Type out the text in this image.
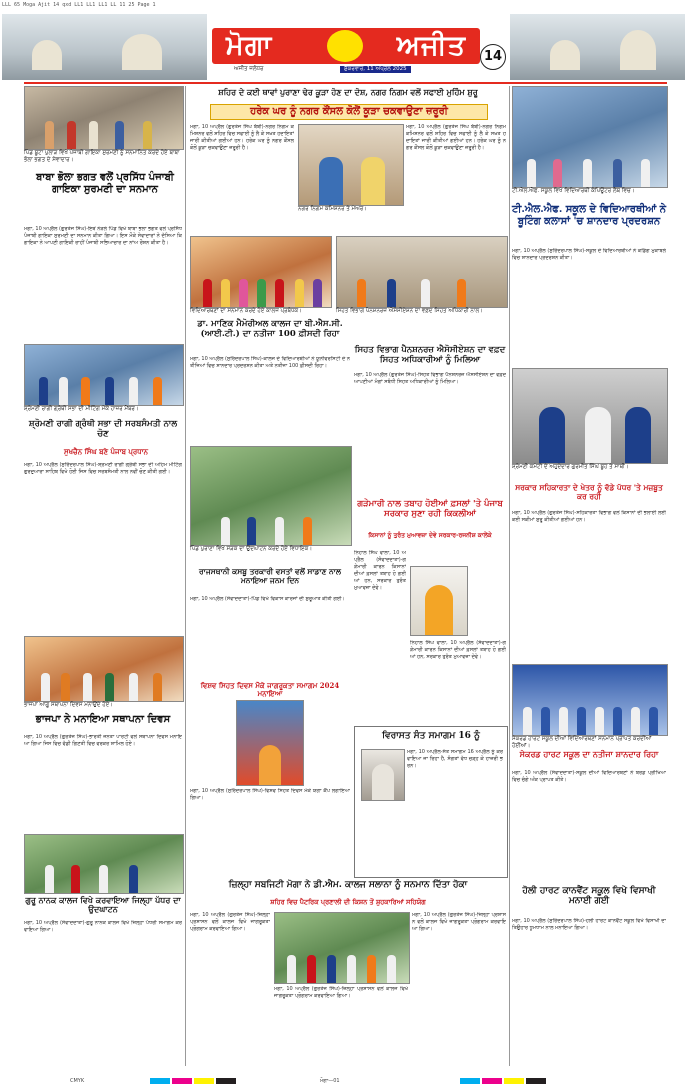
LLL 65 Moga Ajit 14 qxd LL1 LL1 LL1 LL 11 25 Page 1
ਮੋਗਾ	ਅਜੀਤ
ਅਜੀਤ ਜਲੰਧਰ	ਸ਼ੁੱਕਰਵਾਰ, 11 ਅਪ੍ਰੈਲ 2025
14
ਪਿੰਡ ਬੂਟਾ ਪੁਲਾੜ ਵਿਖੇ ਪੰਜਾਬੀ ਗਾਇਕਾ ਸੁਰਮਣੀ ਨੂੰ ਸਨਮਾਨਿਤ ਕਰਦੇ ਹੋਏ ਬਾਬਾ ਭੋਲਾ ਭਗਤ ਦੇ ਸੇਵਾਦਾਰ।
ਬਾਬਾ ਭੋਲਾ ਭਗਤ ਵਲੋਂ ਪ੍ਰਸਿੱਧ ਪੰਜਾਬੀ ਗਾਇਕਾ ਸੁਰਮਣੀ ਦਾ ਸਨਮਾਨ
ਮੋਗਾ, 10 ਅਪ੍ਰੈਲ (ਗੁਰਤੇਜ ਸਿੰਘ)-ਇਥੋਂ ਨੇੜਲੇ ਪਿੰਡ ਵਿਖੇ ਬਾਬਾ ਭੋਲਾ ਭਗਤ ਵਲੋਂ ਪ੍ਰਸਿੱਧ ਪੰਜਾਬੀ ਗਾਇਕਾ ਸੁਰਮਣੀ ਦਾ ਸਨਮਾਨ ਕੀਤਾ ਗਿਆ। ਇਸ ਮੌਕੇ ਸੇਵਾਦਾਰਾਂ ਨੇ ਦੱਸਿਆ ਕਿ ਗਾਇਕਾ ਨੇ ਆਪਣੀ ਗਾਇਕੀ ਰਾਹੀਂ ਪੰਜਾਬੀ ਸਭਿਆਚਾਰ ਦਾ ਨਾਂਅ ਰੌਸ਼ਨ ਕੀਤਾ ਹੈ।
ਸ਼੍ਰੋਮਣੀ ਰਾਗੀ ਗ੍ਰੰਥੀ ਸਭਾ ਦੀ ਮੀਟਿੰਗ ਮੌਕੇ ਹਾਜ਼ਰ ਮੈਂਬਰ।
ਸ਼੍ਰੋਮਣੀ ਰਾਗੀ ਗ੍ਰੰਥੀ ਸਭਾ ਦੀ ਸਰਬਸੰਮਤੀ ਨਾਲ ਚੋਣ
ਸੁਖਚੈਨ ਸਿੰਘ ਬਣੇ ਪੰਜਾਬ ਪ੍ਰਧਾਨ
ਮੋਗਾ, 10 ਅਪ੍ਰੈਲ (ਸੁਰਿੰਦਰਪਾਲ ਸਿੰਘ)-ਸ਼੍ਰੋਮਣੀ ਰਾਗੀ ਗ੍ਰੰਥੀ ਸਭਾ ਦੀ ਅਹਿਮ ਮੀਟਿੰਗ ਗੁਰਦੁਆਰਾ ਸਾਹਿਬ ਵਿਖੇ ਹੋਈ ਜਿਸ ਵਿਚ ਸਰਬਸੰਮਤੀ ਨਾਲ ਨਵੀਂ ਚੋਣ ਕੀਤੀ ਗਈ।
ਭਾਜਪਾ ਆਗੂ ਸਥਾਪਨਾ ਦਿਵਸ ਮਨਾਉਂਦੇ ਹੋਏ।
ਭਾਜਪਾ ਨੇ ਮਨਾਇਆ ਸਥਾਪਨਾ ਦਿਵਸ
ਮੋਗਾ, 10 ਅਪ੍ਰੈਲ (ਗੁਰਤੇਜ ਸਿੰਘ)-ਭਾਰਤੀ ਜਨਤਾ ਪਾਰਟੀ ਵਲੋਂ ਸਥਾਪਨਾ ਦਿਵਸ ਮਨਾਇਆ ਗਿਆ ਜਿਸ ਵਿਚ ਵੱਡੀ ਗਿਣਤੀ ਵਿਚ ਵਰਕਰ ਸ਼ਾਮਿਲ ਹੋਏ।
ਗੁਰੂ ਨਾਨਕ ਕਾਲਜ ਵਿਖੇ ਕਰਵਾਇਆ ਜਿਲ੍ਹਾ ਪੱਧਰ ਦਾ ਉਦਘਾਟਨ
ਮੋਗਾ, 10 ਅਪ੍ਰੈਲ (ਸੰਵਾਦਦਾਤਾ)-ਗੁਰੂ ਨਾਨਕ ਕਾਲਜ ਵਿਖੇ ਜ਼ਿਲ੍ਹਾ ਪੱਧਰੀ ਸਮਾਗਮ ਕਰਵਾਇਆ ਗਿਆ।
ਸ਼ਹਿਰ ਦੇ ਕਈ ਥਾਵਾਂ ਪੁਰਾਣਾ ਢੇਰ ਕੂੜਾ ਹੋਣ ਦਾ ਦੋਸ਼, ਨਗਰ ਨਿਗਮ ਵਲੋਂ ਸਫਾਈ ਮੁਹਿੰਮ ਸ਼ੁਰੂ
ਹਰੇਕ ਘਰ ਨੂੰ ਨਗਰ ਕੌਂਸਲ ਕੋਲੋਂ ਕੂੜਾ ਚਕਵਾਉਣਾ ਜ਼ਰੂਰੀ
ਮੋਗਾ, 10 ਅਪ੍ਰੈਲ (ਗੁਰਤੇਜ ਸਿੰਘ ਬੱਬੀ)-ਨਗਰ ਨਿਗਮ ਕਮਿਸ਼ਨਰ ਵਲੋਂ ਸ਼ਹਿਰ ਵਿਚ ਸਫਾਈ ਨੂੰ ਲੈ ਕੇ ਸਖ਼ਤ ਹਦਾਇਤਾਂ ਜਾਰੀ ਕੀਤੀਆਂ ਗਈਆਂ ਹਨ। ਹਰੇਕ ਘਰ ਨੂੰ ਨਗਰ ਕੌਂਸਲ ਕੋਲੋਂ ਕੂੜਾ ਚਕਵਾਉਣਾ ਜ਼ਰੂਰੀ ਹੈ।
ਨਗਰ ਨਿਗਮ ਕਮਿਸ਼ਨਰ ਤੇ ਮੇਅਰ।
ਮੋਗਾ, 10 ਅਪ੍ਰੈਲ (ਗੁਰਤੇਜ ਸਿੰਘ ਬੱਬੀ)-ਨਗਰ ਨਿਗਮ ਕਮਿਸ਼ਨਰ ਵਲੋਂ ਸ਼ਹਿਰ ਵਿਚ ਸਫਾਈ ਨੂੰ ਲੈ ਕੇ ਸਖ਼ਤ ਹਦਾਇਤਾਂ ਜਾਰੀ ਕੀਤੀਆਂ ਗਈਆਂ ਹਨ। ਹਰੇਕ ਘਰ ਨੂੰ ਨਗਰ ਕੌਂਸਲ ਕੋਲੋਂ ਕੂੜਾ ਚਕਵਾਉਣਾ ਜ਼ਰੂਰੀ ਹੈ।
ਵਿਦਿਆਰਥਣਾਂ ਦਾ ਸਨਮਾਨ ਕਰਦੇ ਹੋਏ ਕਾਲਜ ਪ੍ਰਬੰਧਕ।	ਸਿਹਤ ਵਿਭਾਗ ਪੈਨਸ਼ਨਰਜ਼ ਐਸੋਸੀਏਸ਼ਨ ਦਾ ਵਫ਼ਦ ਸਿਹਤ ਅਧਿਕਾਰੀ ਨਾਲ।
ਡਾ. ਮਾਣਿਕ ਮੈਮੋਰੀਅਲ ਕਾਲਜ ਦਾ ਬੀ.ਐਸ.ਸੀ. (ਆਈ.ਟੀ.) ਦਾ ਨਤੀਜਾ 100 ਫ਼ੀਸਦੀ ਰਿਹਾ
ਮੋਗਾ, 10 ਅਪ੍ਰੈਲ (ਸੁਰਿੰਦਰਪਾਲ ਸਿੰਘ)-ਕਾਲਜ ਦੇ ਵਿਦਿਆਰਥੀਆਂ ਨੇ ਯੂਨੀਵਰਸਿਟੀ ਦੇ ਨਤੀਜਿਆਂ ਵਿਚ ਸ਼ਾਨਦਾਰ ਪ੍ਰਦਰਸ਼ਨ ਕੀਤਾ ਅਤੇ ਨਤੀਜਾ 100 ਫ਼ੀਸਦੀ ਰਿਹਾ।
ਸਿਹਤ ਵਿਭਾਗ ਪੈਨਸ਼ਨਰਜ਼ ਐਸੋਸੀਏਸ਼ਨ ਦਾ ਵਫ਼ਦ ਸਿਹਤ ਅਧਿਕਾਰੀਆਂ ਨੂੰ ਮਿਲਿਆ
ਮੋਗਾ, 10 ਅਪ੍ਰੈਲ (ਗੁਰਤੇਜ ਸਿੰਘ)-ਸਿਹਤ ਵਿਭਾਗ ਪੈਨਸ਼ਨਰਜ਼ ਐਸੋਸੀਏਸ਼ਨ ਦਾ ਵਫ਼ਦ ਆਪਣੀਆਂ ਮੰਗਾਂ ਸਬੰਧੀ ਸਿਹਤ ਅਧਿਕਾਰੀਆਂ ਨੂੰ ਮਿਲਿਆ।
ਪਿੰਡ ਪੁਰਾਣਾ ਵਿਖੇ ਸੜਕ ਦਾ ਉਦਘਾਟਨ ਕਰਦੇ ਹੋਏ ਵਿਧਾਇਕ।
ਰਾਜਸਥਾਨੀ ਕਸਬੂ ਤਰਕਾਰੀ ਵਸਤਾਂ ਵਲੋਂ ਸਾਡਾਣ ਨਾਲ ਮਨਾਇਆ ਜਨਮ ਦਿਨ
ਮੋਗਾ, 10 ਅਪ੍ਰੈਲ (ਸੰਵਾਦਦਾਤਾ)-ਪਿੰਡ ਵਿਖੇ ਵਿਕਾਸ ਕਾਰਜਾਂ ਦੀ ਸ਼ੁਰੂਆਤ ਕੀਤੀ ਗਈ।
ਵਿਸ਼ਵ ਸਿਹਤ ਦਿਵਸ ਮੌਕੇ ਜਾਗਰੂਕਤਾ ਸਮਾਗਮ 2024 ਮਨਾਇਆ
ਮੋਗਾ, 10 ਅਪ੍ਰੈਲ (ਸੁਰਿੰਦਰਪਾਲ ਸਿੰਘ)-ਵਿਸ਼ਵ ਸਿਹਤ ਦਿਵਸ ਮੌਕੇ ਯੋਗਾ ਕੈਂਪ ਲਗਾਇਆ ਗਿਆ।
ਗੜੇਮਾਰੀ ਨਾਲ ਤਬਾਹ ਹੋਈਆਂ ਫ਼ਸਲਾਂ 'ਤੇ ਪੰਜਾਬ ਸਰਕਾਰ ਸੁਣਾ ਰਹੀ ਕਿਕਲੀਆਂ
ਕਿਸਾਨਾਂ ਨੂੰ ਤੁਰੰਤ ਮੁਆਵਜ਼ਾ ਦੇਵੇ ਸਰਕਾਰ-ਰਜਨੀਸ਼ ਕਾਲੇਕੇ
ਨਿਹਾਲ ਸਿੰਘ ਵਾਲਾ, 10 ਅਪ੍ਰੈਲ (ਸੰਵਾਦਦਾਤਾ)-ਗੜੇਮਾਰੀ ਕਾਰਨ ਕਿਸਾਨਾਂ ਦੀਆਂ ਫ਼ਸਲਾਂ ਤਬਾਹ ਹੋ ਗਈਆਂ ਹਨ, ਸਰਕਾਰ ਤੁਰੰਤ ਮੁਆਵਜ਼ਾ ਦੇਵੇ।
ਨਿਹਾਲ ਸਿੰਘ ਵਾਲਾ, 10 ਅਪ੍ਰੈਲ (ਸੰਵਾਦਦਾਤਾ)-ਗੜੇਮਾਰੀ ਕਾਰਨ ਕਿਸਾਨਾਂ ਦੀਆਂ ਫ਼ਸਲਾਂ ਤਬਾਹ ਹੋ ਗਈਆਂ ਹਨ, ਸਰਕਾਰ ਤੁਰੰਤ ਮੁਆਵਜ਼ਾ ਦੇਵੇ।
ਵਿਰਾਸਤ ਸੰਤ ਸਮਾਗਮ 16 ਨੂੰ
ਮੋਗਾ, 10 ਅਪ੍ਰੈਲ-ਸੰਤ ਸਮਾਗਮ 16 ਅਪ੍ਰੈਲ ਨੂੰ ਕਰਵਾਇਆ ਜਾ ਰਿਹਾ ਹੈ, ਸੰਗਤਾਂ ਵੱਧ ਚੜ੍ਹ ਕੇ ਹਾਜ਼ਰੀ ਭਰਨ।
ਜ਼ਿਲ੍ਹਾ ਸਬਜਿਟੀ ਮੋਗਾ ਨੇ ਡੀ.ਐਮ. ਕਾਲਜ ਸਲਾਨਾ ਨੂੰ ਸਨਮਾਨ ਦਿੱਤਾ ਹੋਕਾ
ਸ਼ਹਿਰ ਵਿਚ ਪੈਟਰਿਕ ਪ੍ਰਣਾਲੀ ਦੀ ਕਿਸ਼ਨ ਤੋਂ ਸ਼ੁਹਕਾਰਿਆਂ ਸਹਿਯੋਗ
ਮੋਗਾ, 10 ਅਪ੍ਰੈਲ (ਗੁਰਤੇਜ ਸਿੰਘ)-ਜ਼ਿਲ੍ਹਾ ਪ੍ਰਸ਼ਾਸਨ ਵਲੋਂ ਕਾਲਜ ਵਿਖੇ ਜਾਗਰੂਕਤਾ ਪ੍ਰੋਗਰਾਮ ਕਰਵਾਇਆ ਗਿਆ।
ਮੋਗਾ, 10 ਅਪ੍ਰੈਲ (ਗੁਰਤੇਜ ਸਿੰਘ)-ਜ਼ਿਲ੍ਹਾ ਪ੍ਰਸ਼ਾਸਨ ਵਲੋਂ ਕਾਲਜ ਵਿਖੇ ਜਾਗਰੂਕਤਾ ਪ੍ਰੋਗਰਾਮ ਕਰਵਾਇਆ ਗਿਆ।
ਮੋਗਾ, 10 ਅਪ੍ਰੈਲ (ਗੁਰਤੇਜ ਸਿੰਘ)-ਜ਼ਿਲ੍ਹਾ ਪ੍ਰਸ਼ਾਸਨ ਵਲੋਂ ਕਾਲਜ ਵਿਖੇ ਜਾਗਰੂਕਤਾ ਪ੍ਰੋਗਰਾਮ ਕਰਵਾਇਆ ਗਿਆ।
ਟੀ.ਐਲ.ਐਫ. ਸਕੂਲ ਵਿਖੇ ਵਿਦਿਆਰਥੀ ਕੰਪਿਊਟਰ ਲੈਬ ਵਿਚ।
ਟੀ.ਐਲ.ਐਫ. ਸਕੂਲ ਦੇ ਵਿਦਿਆਰਥੀਆਂ ਨੇ ਬੂਟਿੰਗ ਕਲਾਸਾਂ 'ਚ ਸ਼ਾਨਦਾਰ ਪ੍ਰਦਰਸ਼ਨ
ਮੋਗਾ, 10 ਅਪ੍ਰੈਲ (ਸੁਰਿੰਦਰਪਾਲ ਸਿੰਘ)-ਸਕੂਲ ਦੇ ਵਿਦਿਆਰਥੀਆਂ ਨੇ ਕੋਡਿੰਗ ਮੁਕਾਬਲੇ ਵਿਚ ਸ਼ਾਨਦਾਰ ਪ੍ਰਦਰਸ਼ਨ ਕੀਤਾ।
ਸ਼੍ਰੋਮਣੀ ਕਮੇਟੀ ਦੇ ਅਹੁਦੇਦਾਰ ਗੁਰਮੀਤ ਸਿੰਘ ਬੂਹ ਤੇ ਸਾਥੀ।
ਸਰਕਾਰ ਸਹਿਕਾਰਤਾ ਦੇ ਖੇਤਰ ਨੂੰ ਵੱਡੇ ਪੱਧਰ 'ਤੇ ਮਜ਼ਬੂਤ ਕਰ ਰਹੀ
ਮੋਗਾ, 10 ਅਪ੍ਰੈਲ (ਗੁਰਤੇਜ ਸਿੰਘ)-ਸਹਿਕਾਰਤਾ ਵਿਭਾਗ ਵਲੋਂ ਕਿਸਾਨਾਂ ਦੀ ਭਲਾਈ ਲਈ ਕਈ ਸਕੀਮਾਂ ਸ਼ੁਰੂ ਕੀਤੀਆਂ ਗਈਆਂ ਹਨ।
ਸੇਕਰਡ ਹਾਰਟ ਸਕੂਲ ਦੀਆਂ ਵਿਦਿਆਰਥਣਾਂ ਸਨਮਾਨ ਪ੍ਰਾਪਤ ਕਰਦੀਆਂ ਹੋਈਆਂ।
ਸੇਕਰਡ ਹਾਰਟ ਸਕੂਲ ਦਾ ਨਤੀਜਾ ਸ਼ਾਨਦਾਰ ਰਿਹਾ
ਮੋਗਾ, 10 ਅਪ੍ਰੈਲ (ਸੰਵਾਦਦਾਤਾ)-ਸਕੂਲ ਦੀਆਂ ਵਿਦਿਆਰਥਣਾਂ ਨੇ ਬੋਰਡ ਪ੍ਰੀਖਿਆ ਵਿਚ ਚੰਗੇ ਅੰਕ ਪ੍ਰਾਪਤ ਕੀਤੇ।
ਹੋਲੀ ਹਾਰਟ ਕਾਨਵੈਂਟ ਸਕੂਲ ਵਿਖੇ ਵਿਸਾਖੀ ਮਨਾਈ ਗਈ
ਮੋਗਾ, 10 ਅਪ੍ਰੈਲ (ਸੁਰਿੰਦਰਪਾਲ ਸਿੰਘ)-ਹੋਲੀ ਹਾਰਟ ਕਾਨਵੈਂਟ ਸਕੂਲ ਵਿਖੇ ਵਿਸਾਖੀ ਦਾ ਤਿਉਹਾਰ ਧੂਮਧਾਮ ਨਾਲ ਮਨਾਇਆ ਗਿਆ।
CMYK	ਮੋਗਾ—01
